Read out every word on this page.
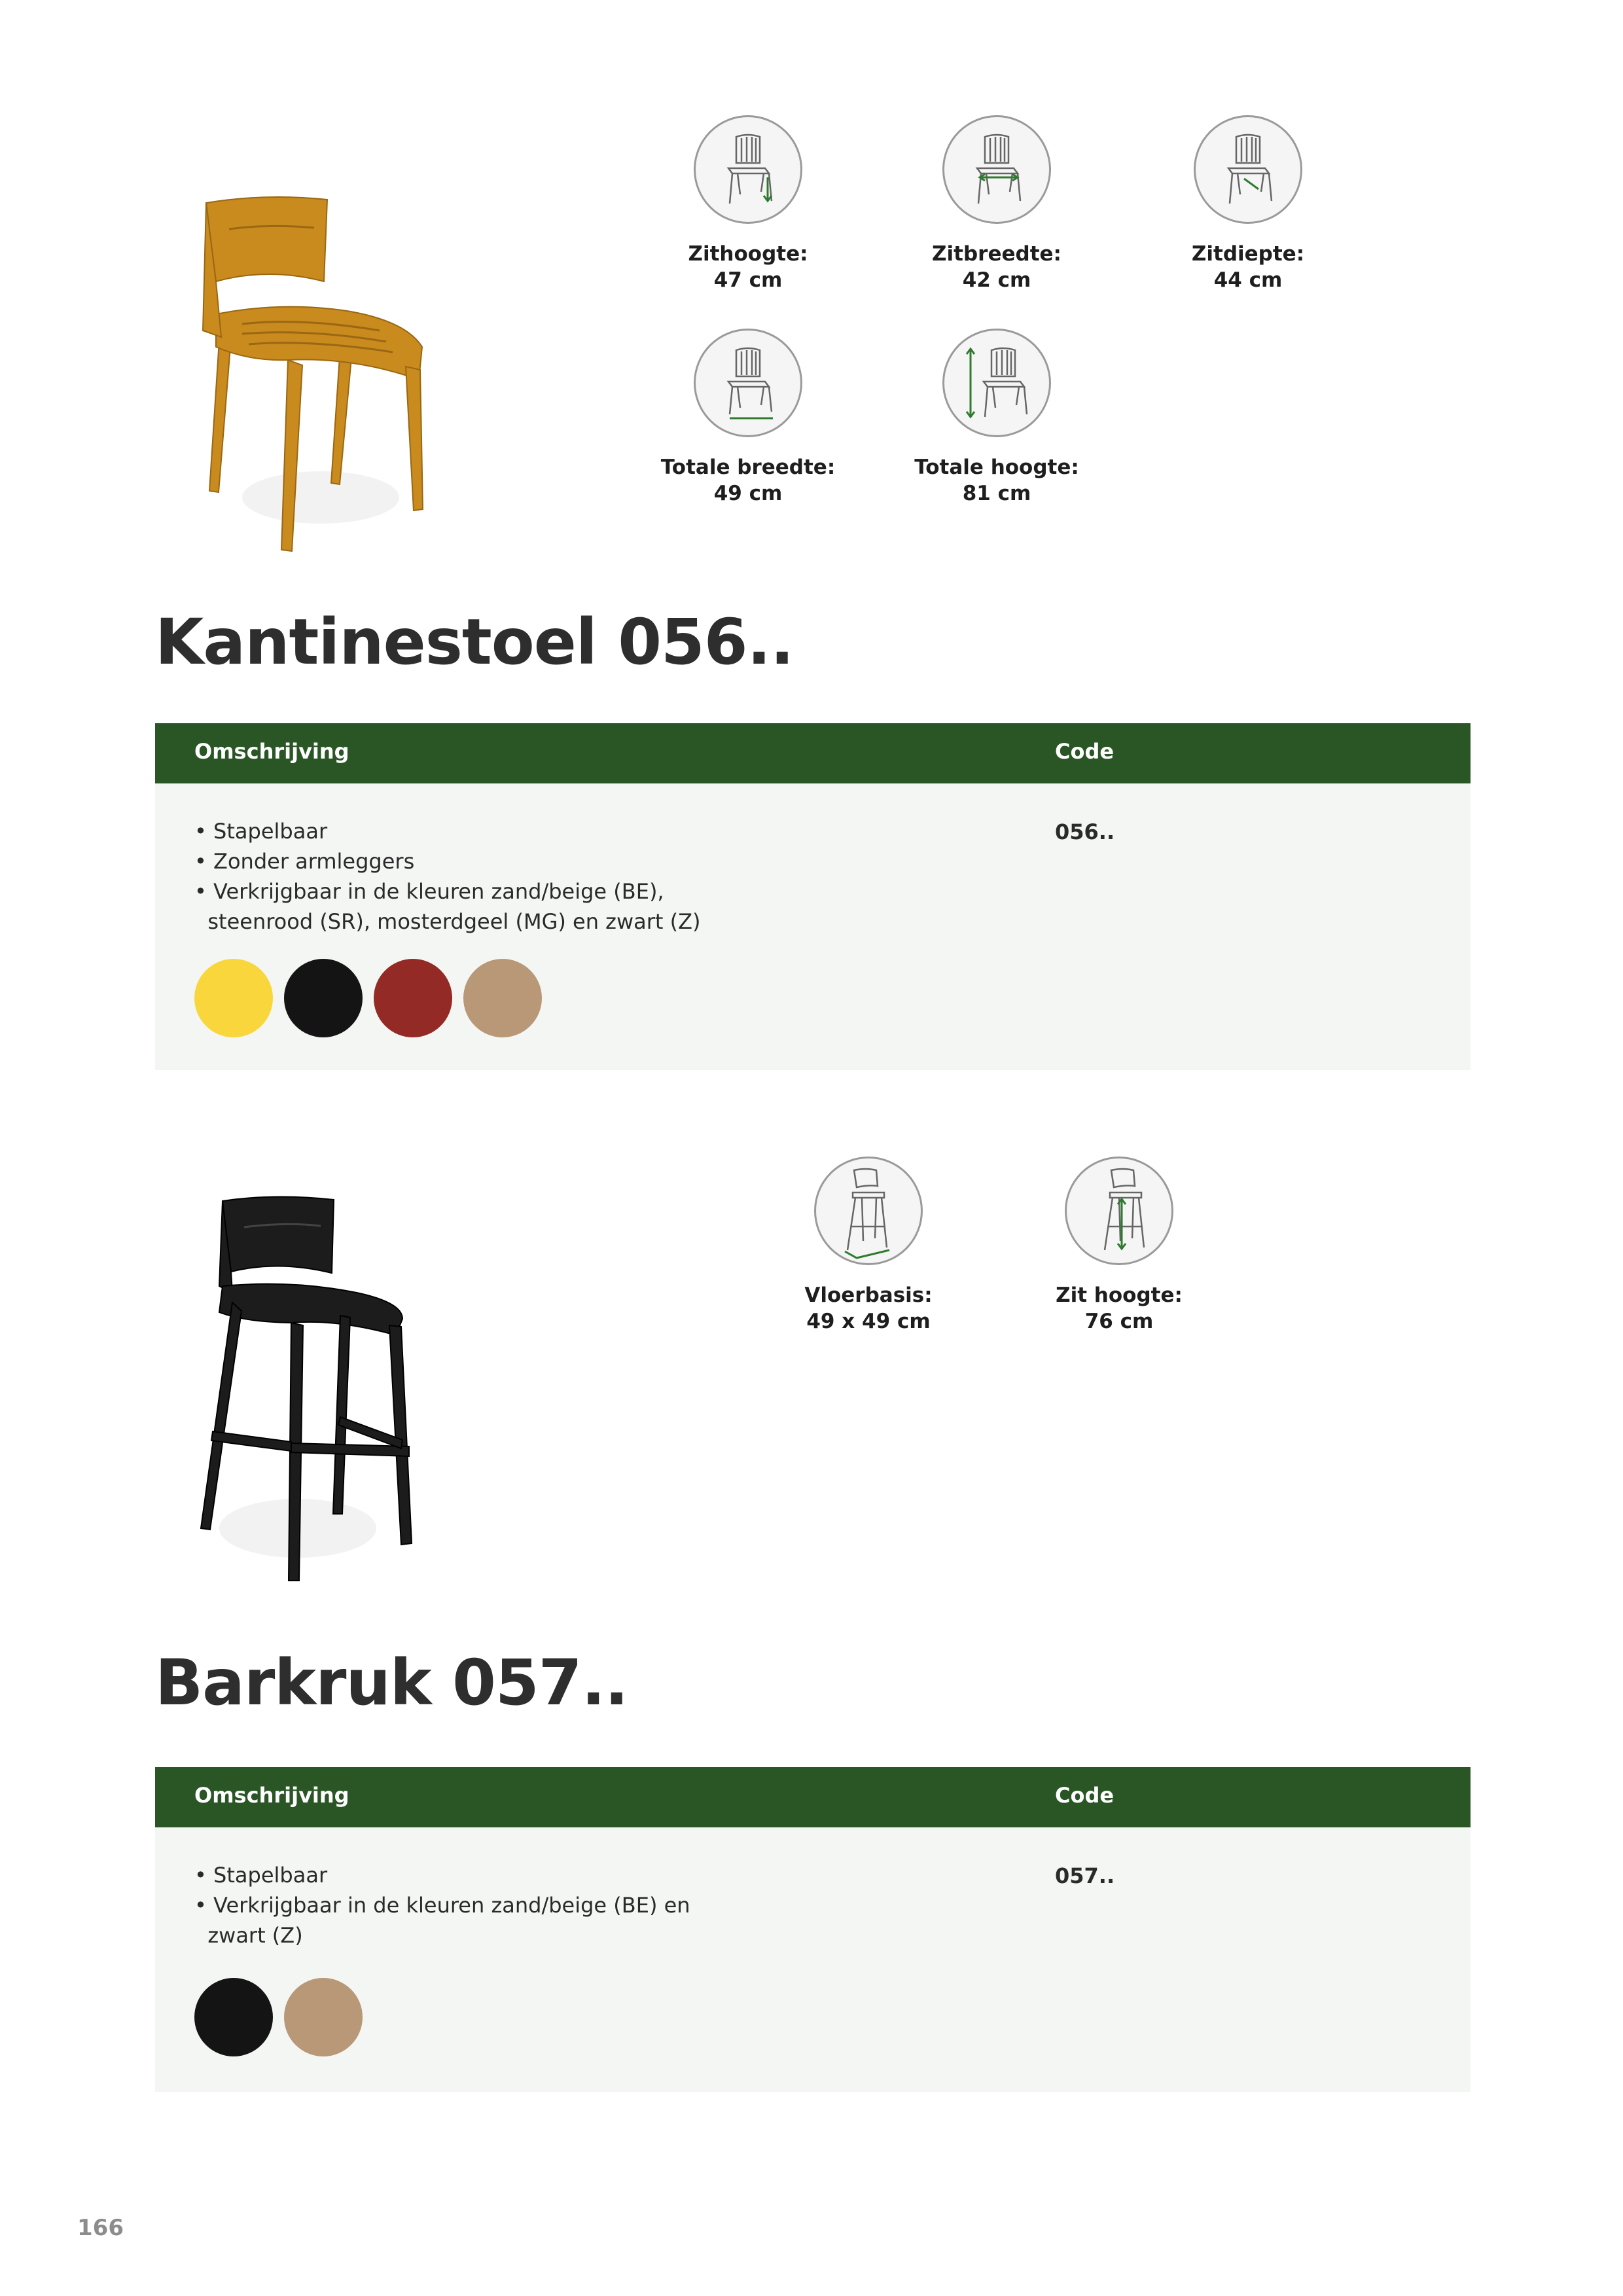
Zithoogte:
47 cm
Zitbreedte:
42 cm
Zitdiepte:
44 cm
Totale breedte:
49 cm
Totale hoogte:
81 cm
Kantinestoel 056..
Omschrijving	Code
• Stapelbaar
• Zonder armleggers
• Verkrijgbaar in de kleuren zand/beige (BE),
steenrood (SR), mosterdgeel (MG) en zwart (Z)
056..
Vloerbasis:
49 x 49 cm
Zit hoogte:
76 cm
Barkruk 057..
Omschrijving	Code
• Stapelbaar
• Verkrijgbaar in de kleuren zand/beige (BE) en
zwart (Z)
057..
166
